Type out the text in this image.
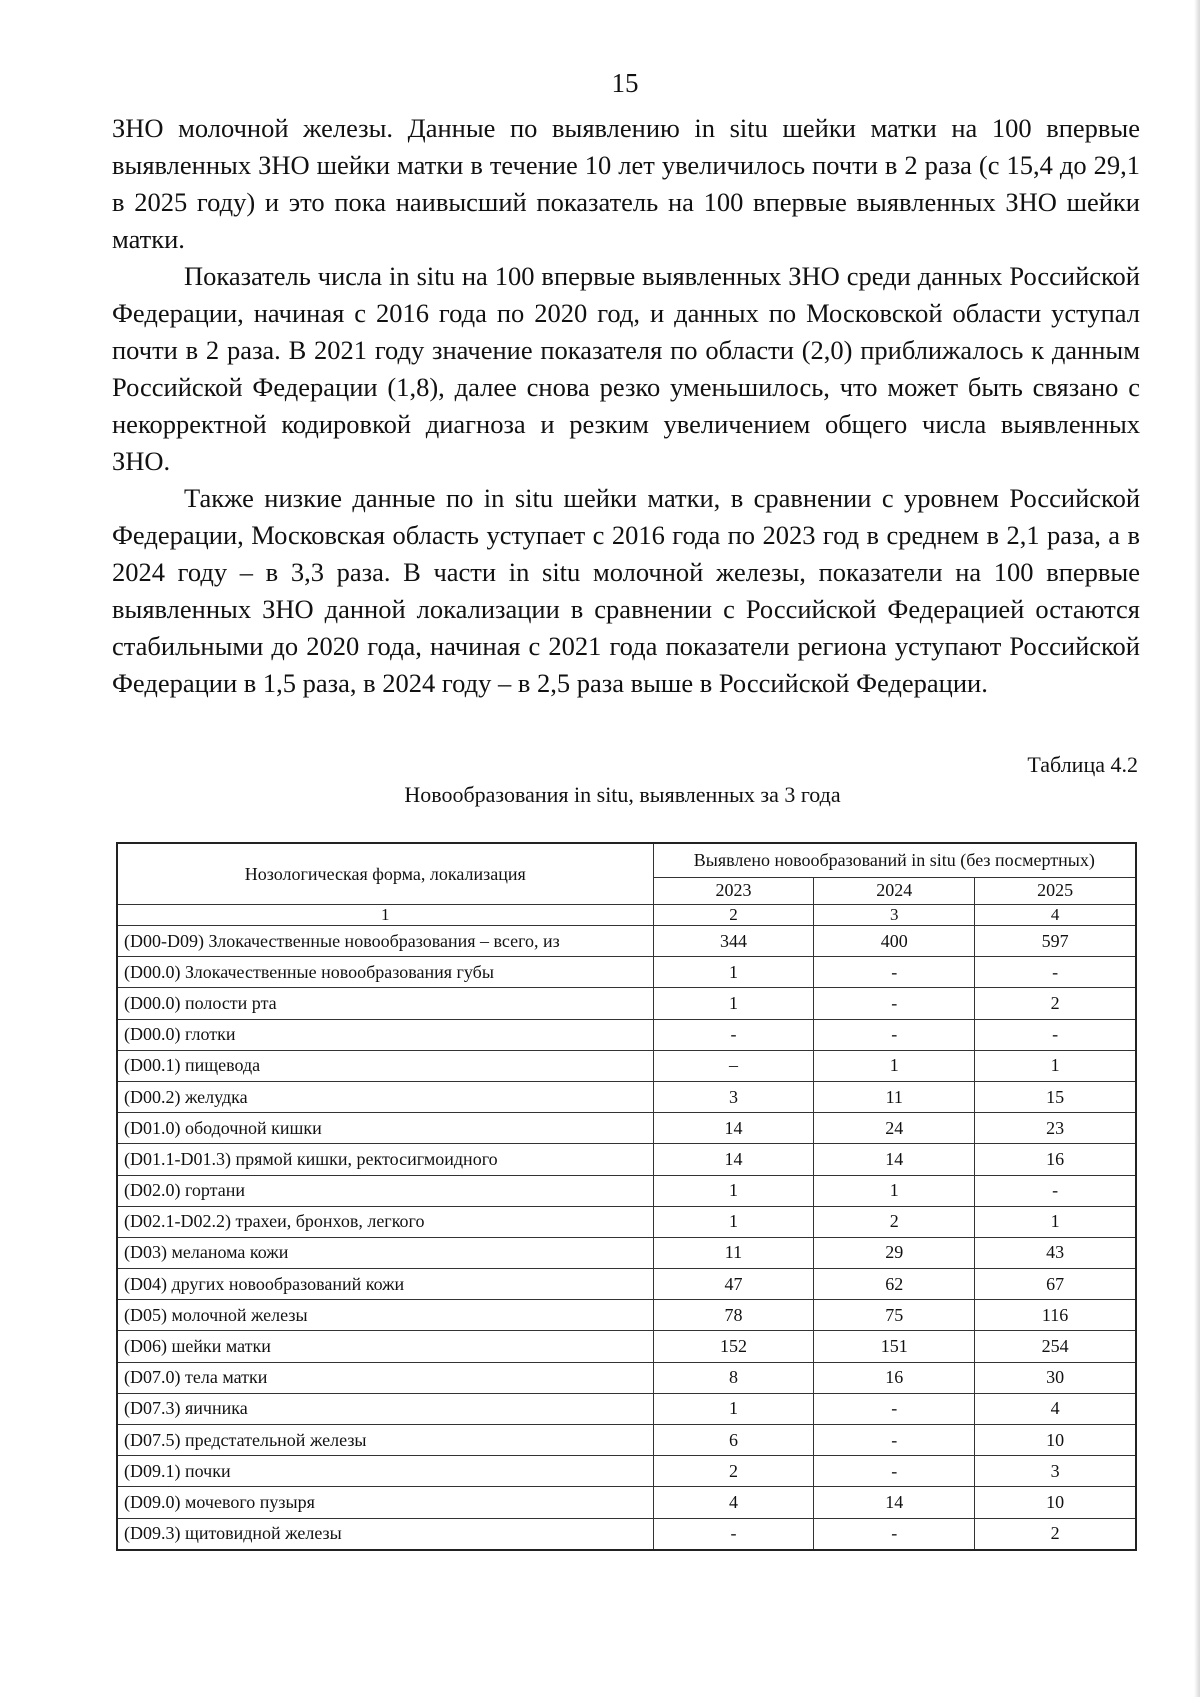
15

ЗНО молочной железы. Данные по выявлению in situ шейки матки на 100 впервые выявленных ЗНО шейки матки в течение 10 лет увеличилось почти в 2 раза (с 15,4 до 29,1 в 2025 году) и это пока наивысший показатель на 100 впервые выявленных ЗНО шейки матки.

Показатель числа in situ на 100 впервые выявленных ЗНО среди данных Российской Федерации, начиная с 2016 года по 2020 год, и данных по Московской области уступал почти в 2 раза. В 2021 году значение показателя по области (2,0) приближалось к данным Российской Федерации (1,8), далее снова резко уменьшилось, что может быть связано с некорректной кодировкой диагноза и резким увеличением общего числа выявленных ЗНО.

Также низкие данные по in situ шейки матки, в сравнении с уровнем Российской Федерации, Московская область уступает с 2016 года по 2023 год в среднем в 2,1 раза, а в 2024 году – в 3,3 раза. В части in situ молочной железы, показатели на 100 впервые выявленных ЗНО данной локализации в сравнении с Российской Федерацией остаются стабильными до 2020 года, начиная с 2021 года показатели региона уступают Российской Федерации в 1,5 раза, в 2024 году – в 2,5 раза выше в Российской Федерации.

Таблица 4.2
Новообразования in situ, выявленных за 3 года
Нозологическая форма, локализация	Выявлено новообразований in situ (без посмертных)		
	2023	2024	2025
1	2	3	4
(D00-D09) Злокачественные новообразования – всего, из	344	400	597
(D00.0) Злокачественные новообразования губы	1	-	-
(D00.0) полости рта	1	-	2
(D00.0) глотки	-	-	-
(D00.1) пищевода	–	1	1
(D00.2) желудка	3	11	15
(D01.0) ободочной кишки	14	24	23
(D01.1-D01.3) прямой кишки, ректосигмоидного	14	14	16
(D02.0) гортани	1	1	-
(D02.1-D02.2) трахеи, бронхов, легкого	1	2	1
(D03) меланома кожи	11	29	43
(D04) других новообразований кожи	47	62	67
(D05) молочной железы	78	75	116
(D06) шейки матки	152	151	254
(D07.0) тела матки	8	16	30
(D07.3) яичника	1	-	4
(D07.5) предстательной железы	6	-	10
(D09.1) почки	2	-	3
(D09.0) мочевого пузыря	4	14	10
(D09.3) щитовидной железы	-	-	2
